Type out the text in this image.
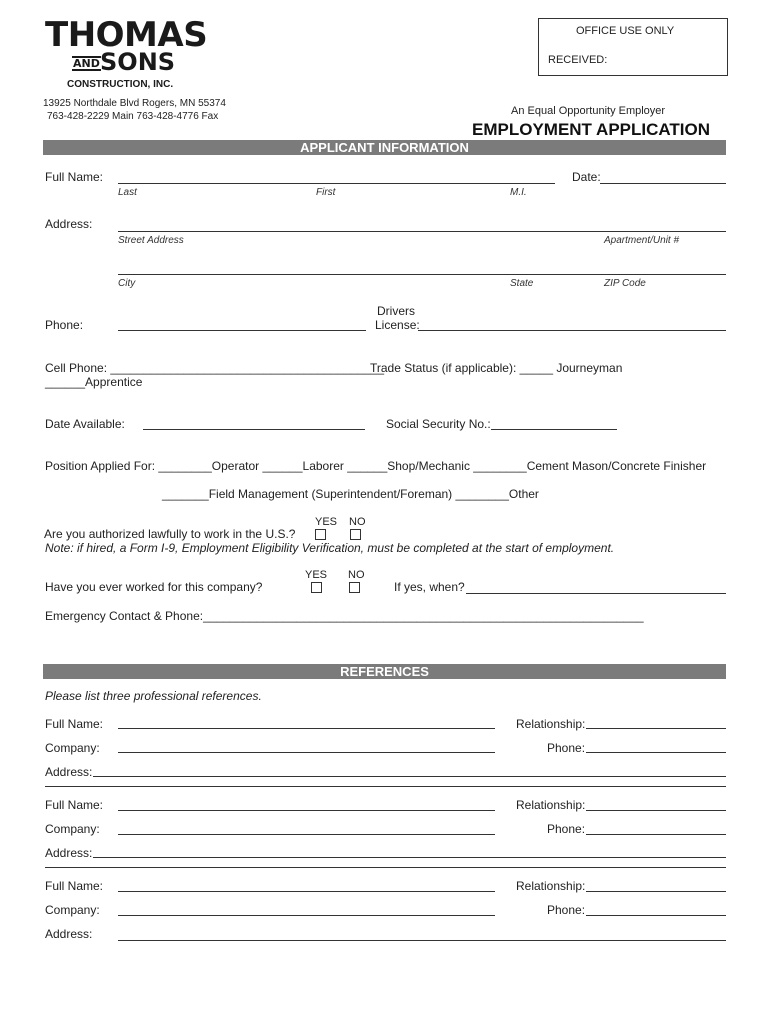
THOMAS
AND SONS
CONSTRUCTION, INC.
13925 Northdale Blvd Rogers, MN 55374
763-428-2229 Main 763-428-4776 Fax
OFFICE USE ONLY
RECEIVED:
An Equal Opportunity Employer
EMPLOYMENT APPLICATION
APPLICANT INFORMATION
Full Name:	Date:
Last	First	M.I.
Address:
Street Address	Apartment/Unit #
City	State	ZIP Code
Phone:
Drivers
License:
Cell Phone: _________________________________________
Trade Status (if applicable): _____ Journeyman
______Apprentice
Date Available:	Social Security No.:
Position Applied For: ________Operator ______Laborer ______Shop/Mechanic ________Cement Mason/Concrete Finisher
_______Field Management (Superintendent/Foreman) ________Other
YES NO
Are you authorized lawfully to work in the U.S.?
Note: if hired, a Form I-9, Employment Eligibility Verification, must be completed at the start of employment.
YES NO
Have you ever worked for this company?	If yes, when?
Emergency Contact & Phone:__________________________________________________________________
REFERENCES
Please list three professional references.
Full Name:	Relationship:
Company:	Phone:
Address:
Full Name:	Relationship:
Company:	Phone:
Address:
Full Name:	Relationship:
Company:	Phone:
Address:
